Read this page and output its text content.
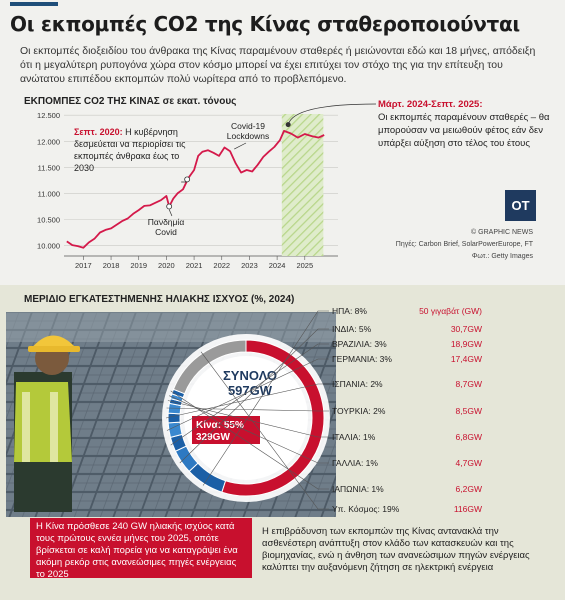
Οι εκπομπές CO2 της Κίνας σταθεροποιούνται
Οι εκπομπές διοξειδίου του άνθρακα της Κίνας παραμένουν σταθερές ή μειώνονται εδώ και 18 μήνες, απόδειξη ότι η μεγαλύτερη ρυπογόνα χώρα στον κόσμο μπορεί να έχει επιτύχει τον στόχο της για την επίτευξη του ανώτατου επιπέδου εκπομπών πολύ νωρίτερα από το προβλεπόμενο.
ΕΚΠΟΜΠΕΣ CO2 ΤΗΣ ΚΙΝΑΣ σε εκατ. τόνους
ΜΕΡΙΔΙΟ ΕΓΚΑΤΕΣΤΗΜΕΝΗΣ ΗΛΙΑΚΗΣ ΙΣΧΥΟΣ (%, 2024)
10.000
10.500
11.000
11.500
12.000
12.500
2017 2018 2019 2020 2021 2022 2023 2024 2025
ΣΥΝΟΛΟ
597GW
Κίνα: 55%
329GW
ΗΠΑ: 8%	50 γιγαβάτ (GW)
ΙΝΔΙΑ: 5%	30,7GW
ΒΡΑΖΙΛΙΑ: 3%	18,9GW
ΓΕΡΜΑΝΙΑ: 3%	17,4GW
ΙΣΠΑΝΙΑ: 2%	8,7GW
ΤΟΥΡΚΙΑ: 2%	8,5GW
ΙΤΑΛΙΑ: 1%	6,8GW
ΓΑΛΛΙΑ: 1%	4,7GW
ΙΑΠΩΝΙΑ: 1%	6,2GW
Υπ. Κόσμος: 19%	116GW
Σεπτ. 2020: Η κυβέρνηση δεσμεύεται να περιορίσει τις εκπομπές άνθρακα έως το 2030
Covid-19 Lockdowns
Πανδημία Covid
Μάρτ. 2024-Σεπτ. 2025:
Οι εκπομπές παραμένουν σταθερές – θα μπορούσαν να μειωθούν φέτος εάν δεν υπάρξει αύξηση στο τέλος του έτους
OT
© GRAPHIC NEWS
Πηγές: Carbon Brief, SolarPowerEurope, FT
Φωτ.: Getty Images
Η Κίνα πρόσθεσε 240 GW ηλιακής ισχύος κατά τους πρώτους εννέα μήνες του 2025, οπότε βρίσκεται σε καλή πορεία για να καταγράψει ένα ακόμη ρεκόρ στις ανανεώσιμες πηγές ενέργειας το 2025
Η επιβράδυνση των εκπομπών της Κίνας αντανακλά την ασθενέστερη ανάπτυξη στον κλάδο των κατασκευών και της βιομηχανίας, ενώ η άνθηση των ανανεώσιμων πηγών ενέργειας καλύπτει την αυξανόμενη ζήτηση σε ηλεκτρική ενέργεια
